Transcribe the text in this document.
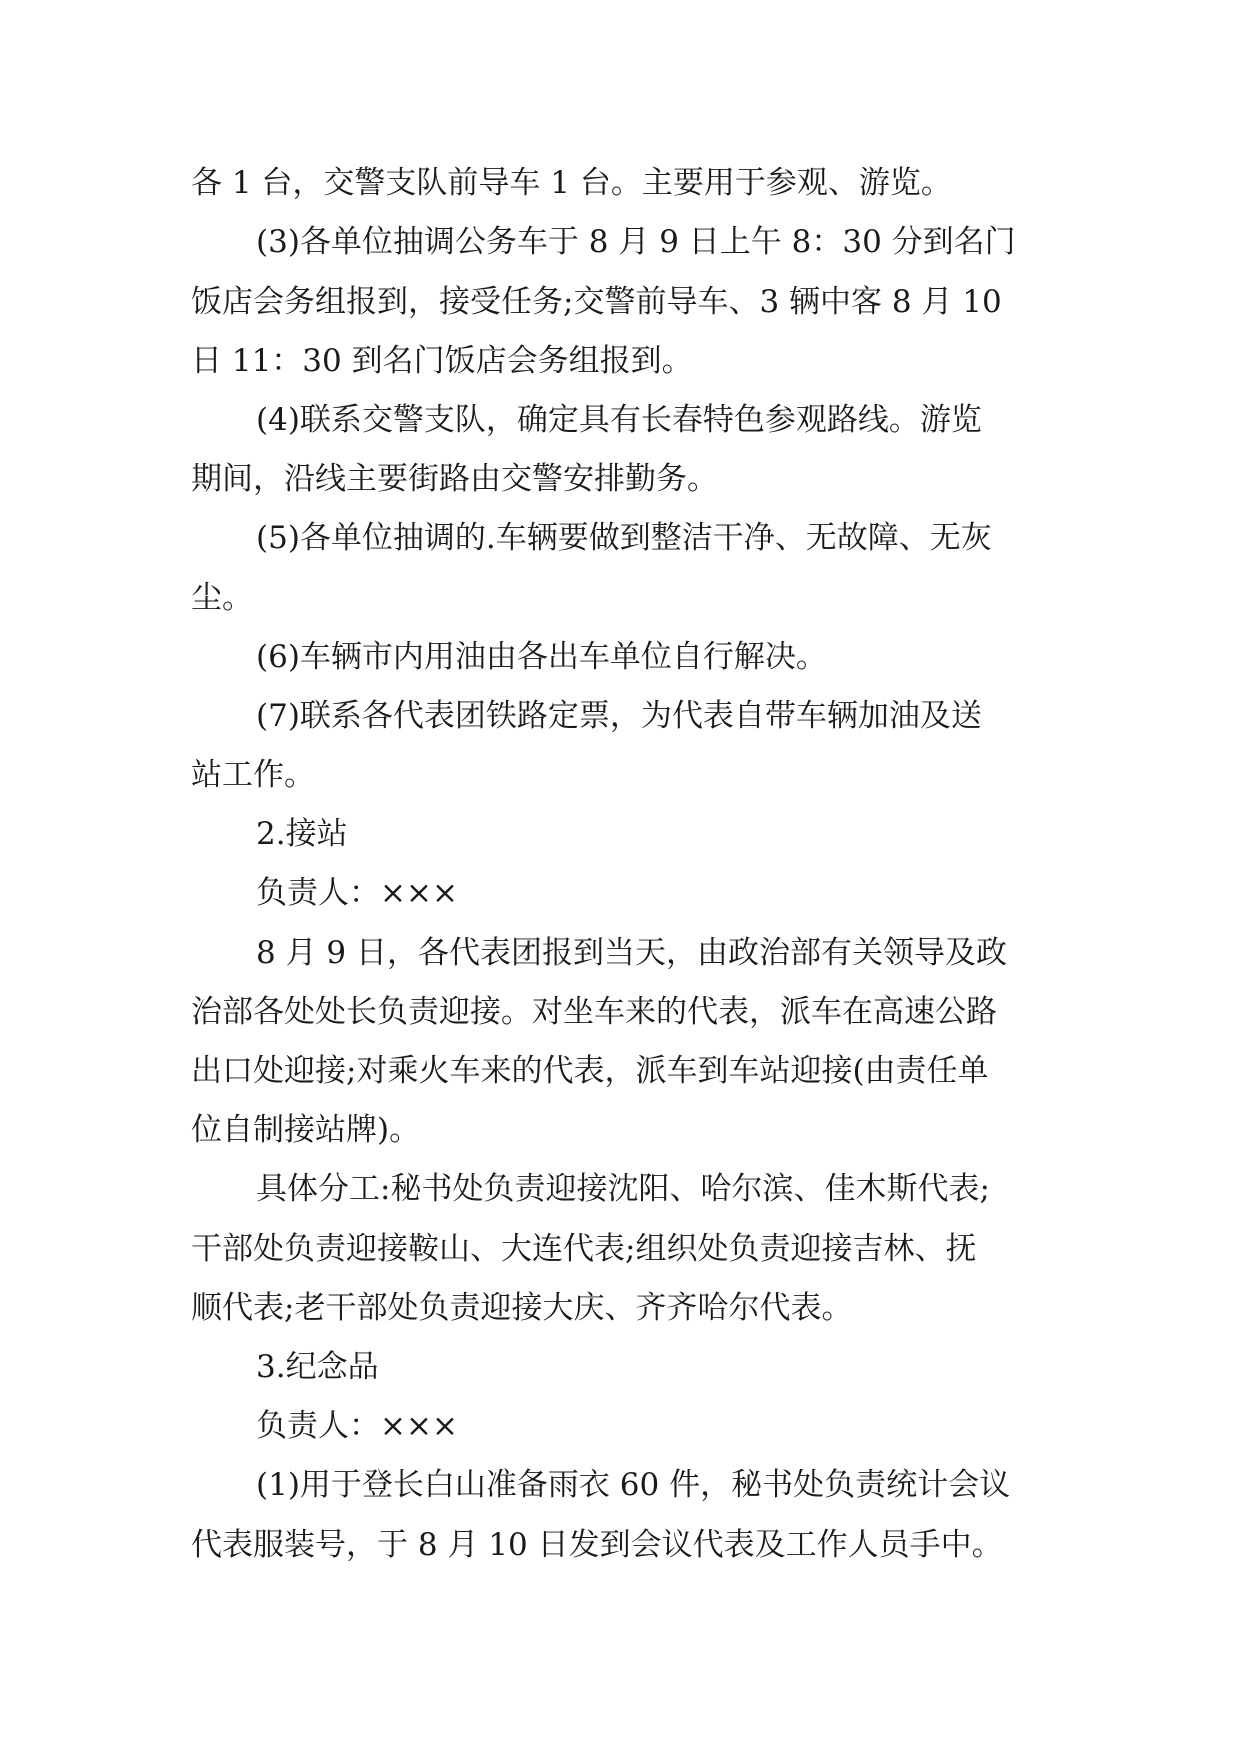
各 1 台，交警支队前导车 1 台。主要用于参观、游览。
(3)各单位抽调公务车于 8 月 9 日上午 8：30 分到名门
饭店会务组报到，接受任务;交警前导车、3 辆中客 8 月 10
日 11：30 到名门饭店会务组报到。
(4)联系交警支队，确定具有长春特色参观路线。游览
期间，沿线主要街路由交警安排勤务。
(5)各单位抽调的.车辆要做到整洁干净、无故障、无灰
尘。
(6)车辆市内用油由各出车单位自行解决。
(7)联系各代表团铁路定票，为代表自带车辆加油及送
站工作。
2.接站
负责人：×××
8 月 9 日，各代表团报到当天，由政治部有关领导及政
治部各处处长负责迎接。对坐车来的代表，派车在高速公路
出口处迎接;对乘火车来的代表，派车到车站迎接(由责任单
位自制接站牌)。
具体分工:秘书处负责迎接沈阳、哈尔滨、佳木斯代表;
干部处负责迎接鞍山、大连代表;组织处负责迎接吉林、抚
顺代表;老干部处负责迎接大庆、齐齐哈尔代表。
3.纪念品
负责人：×××
(1)用于登长白山准备雨衣 60 件，秘书处负责统计会议
代表服装号，于 8 月 10 日发到会议代表及工作人员手中。
